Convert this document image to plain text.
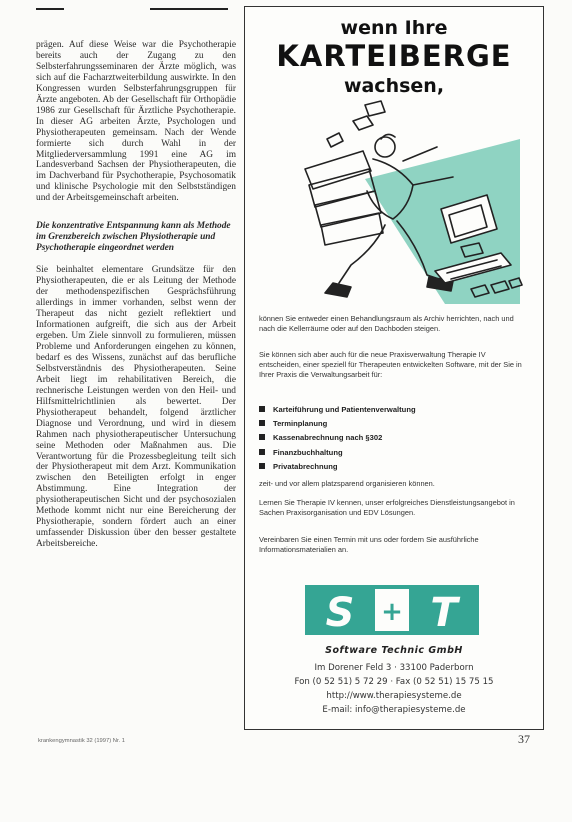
prägen. Auf diese Weise war die Psychotherapie bereits auch der Zugang zu den Selbsterfahrungsseminaren der Ärzte möglich, was sich auf die Facharztweiterbildung auswirkte. In den Kongressen wurden Selbsterfahrungsgruppen für Ärzte angeboten. Ab der Gesellschaft für Orthopädie 1986 zur Gesellschaft für Ärztliche Psychotherapie. In dieser AG arbeiten Ärzte, Psychologen und Physiotherapeuten gemeinsam. Nach der Wende formierte sich durch Wahl in der Mitgliederversammlung 1991 eine AG im Landesverband Sachsen der Physiotherapeuten, die im Dachverband für Psychotherapie, Psychosomatik und klinische Psychologie mit den Selbstständigen und der Arbeitsgemeinschaft arbeiten.

Die konzentrative Entspannung kann als Methode im Grenzbereich zwischen Physiotherapie und Psychotherapie eingeordnet werden

Sie beinhaltet elementare Grundsätze für den Physiotherapeuten, die er als Leitung der Methode der methodenspezifischen Gesprächsführung allerdings in immer vorhanden, selbst wenn der Therapeut das nicht gezielt reflektiert und Informationen aufgreift, die sich aus der Arbeit ergeben. Um Ziele sinnvoll zu formulieren, müssen Probleme und Anforderungen eingehen zu können, bedarf es des Wissens, zunächst auf das berufliche Selbstverständnis des Physiotherapeuten. Seine Arbeit liegt im rehabilitativen Bereich, die rechnerische Leistungen werden von den Heil- und Hilfsmittelrichtlinien als bewertet. Der Physiotherapeut behandelt, folgend ärztlicher Diagnose und Verordnung, und wird in diesem Rahmen nach physiotherapeutischer Untersuchung seine Methoden oder Maßnahmen aus. Die Verantwortung für die Prozessbegleitung teilt sich der Physiotherapeut mit dem Arzt. Kommunikation zwischen den Beteiligten erfolgt in enger Abstimmung. Eine Integration der physiotherapeutischen Sicht und der psychosozialen Methode kommt nicht nur eine Bereicherung der Physiotherapie, sondern fördert auch an einer umfassender Diskussion über den besser gestaltete Arbeitsbereiche.

wenn Ihre
KARTEIBERGE
wachsen,

können Sie entweder einen Behandlungsraum als Archiv herrichten, nach und nach die Kellerräume oder auf den Dachboden steigen.

Sie können sich aber auch für die neue Praxisverwaltung Therapie IV entscheiden, einer speziell für Therapeuten entwickelten Software, mit der Sie in Ihrer Praxis die Verwaltungsarbeit für:

Karteiführung und Patientenverwaltung
Terminplanung
Kassenabrechnung nach §302
Finanzbuchhaltung
Privatabrechnung

zeit- und vor allem platzsparend organisieren können.

Lernen Sie Therapie IV kennen, unser erfolgreiches Dienstleistungsangebot in Sachen Praxisorganisation und EDV Lösungen.

Vereinbaren Sie einen Termin mit uns oder fordern Sie ausführliche Informationsmaterialien an.

S + T
Software Technic GmbH
Im Dorener Feld 3 · 33100 Paderborn
Fon (0 52 51) 5 72 29 · Fax (0 52 51) 15 75 15
http://www.therapiesysteme.de
E-mail: info@therapiesysteme.de
krankengymnastik 32 (1997) Nr. 1	37
